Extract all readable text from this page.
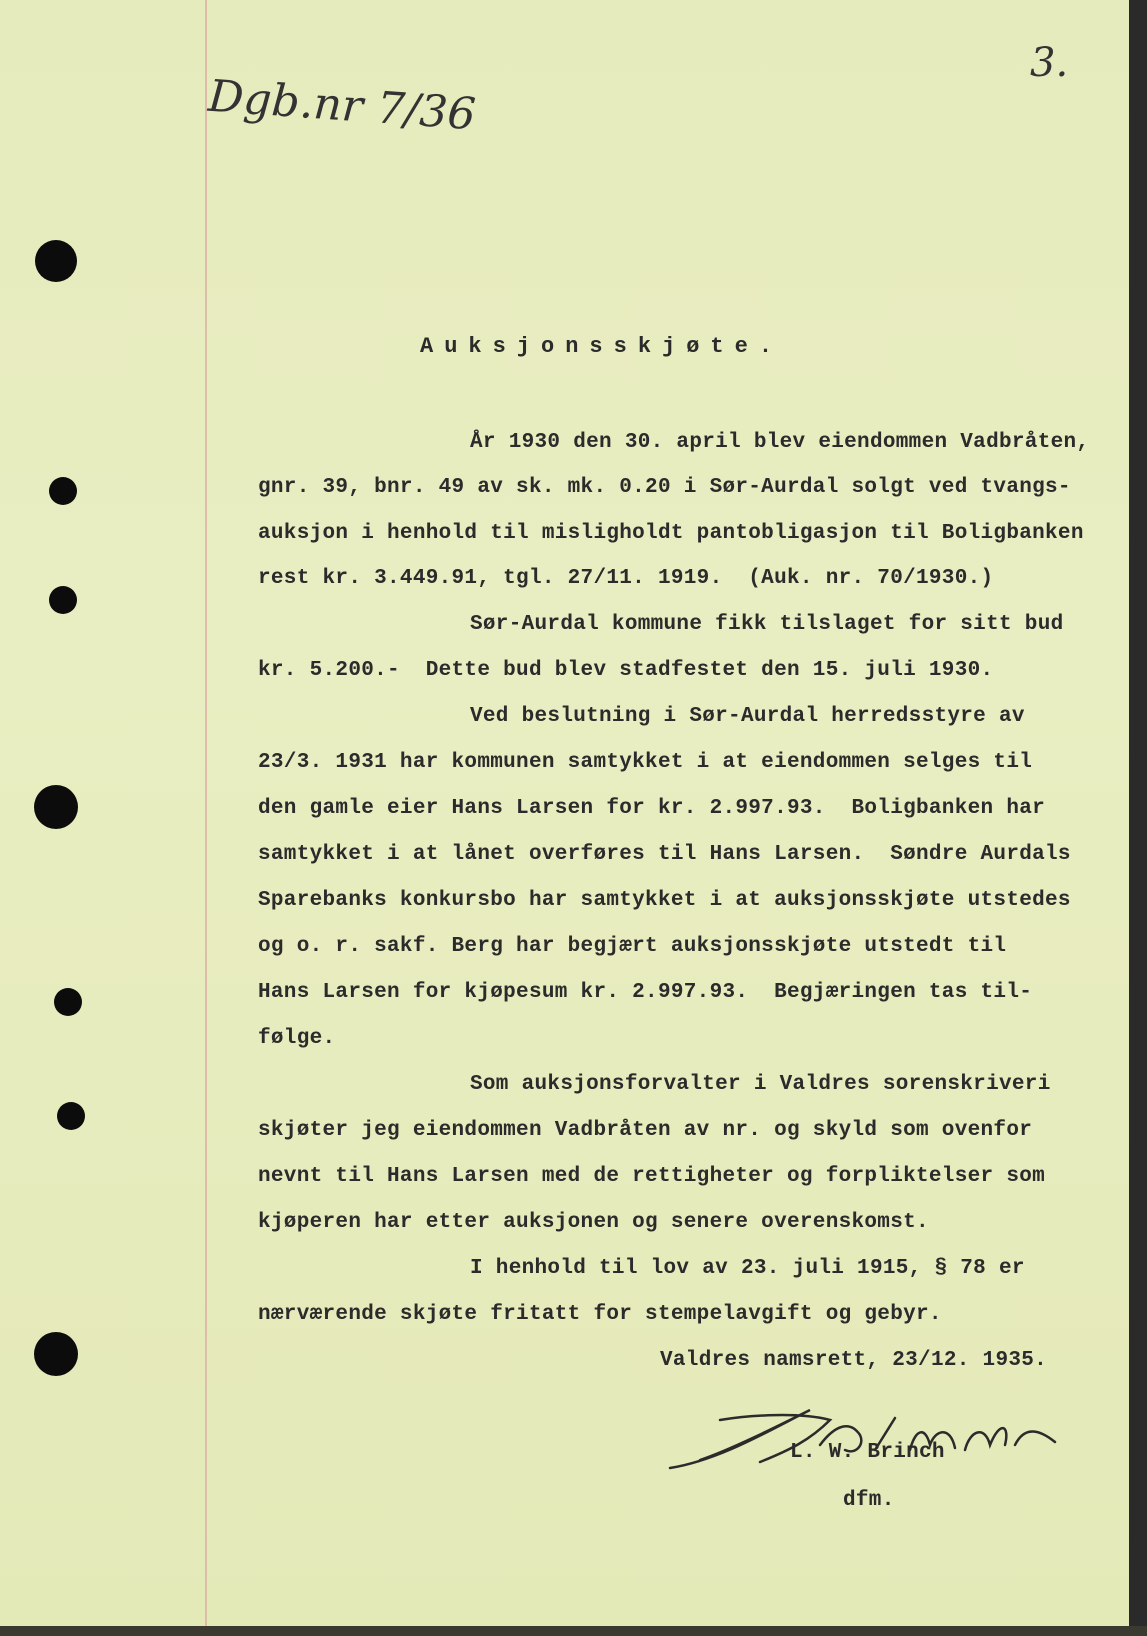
Dgb.nr 7/36
3.
Auksjonsskjøte.
År 1930 den 30. april blev eiendommen Vadbråten,
gnr. 39, bnr. 49 av sk. mk. 0.20 i Sør-Aurdal solgt ved tvangs-
auksjon i henhold til misligholdt pantobligasjon til Boligbanken
rest kr. 3.449.91, tgl. 27/11. 1919.  (Auk. nr. 70/1930.)
Sør-Aurdal kommune fikk tilslaget for sitt bud
kr. 5.200.-  Dette bud blev stadfestet den 15. juli 1930.
Ved beslutning i Sør-Aurdal herredsstyre av
23/3. 1931 har kommunen samtykket i at eiendommen selges til
den gamle eier Hans Larsen for kr. 2.997.93.  Boligbanken har
samtykket i at lånet overføres til Hans Larsen.  Søndre Aurdals
Sparebanks konkursbo har samtykket i at auksjonsskjøte utstedes
og o. r. sakf. Berg har begjært auksjonsskjøte utstedt til
Hans Larsen for kjøpesum kr. 2.997.93.  Begjæringen tas til-
følge.
Som auksjonsforvalter i Valdres sorenskriveri
skjøter jeg eiendommen Vadbråten av nr. og skyld som ovenfor
nevnt til Hans Larsen med de rettigheter og forpliktelser som
kjøperen har etter auksjonen og senere overenskomst.
I henhold til lov av 23. juli 1915, § 78 er
nærværende skjøte fritatt for stempelavgift og gebyr.
Valdres namsrett, 23/12. 1935.
L. W. Brinch
dfm.
